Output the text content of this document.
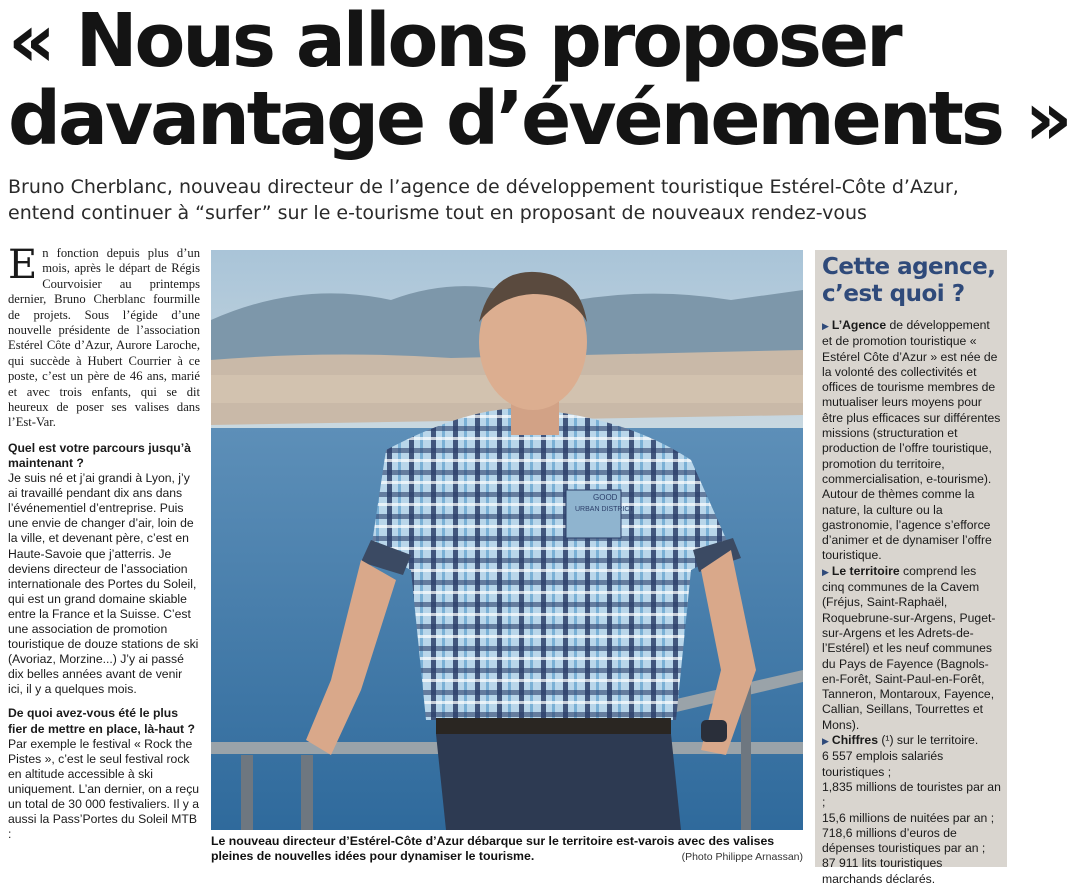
« Nous allons proposer
davantage d’événements »

Bruno Cherblanc, nouveau directeur de l’agence de développement touristique Estérel-Côte d’Azur,
entend continuer à “surfer” sur le e-tourisme tout en proposant de nouveaux rendez-vous

En fonction depuis plus d’un mois, après le départ de Régis Courvoisier au printemps dernier, Bruno Cherblanc fourmille de projets. Sous l’égide d’une nouvelle présidente de l’association Estérel Côte d’Azur, Aurore Laroche, qui succède à Hubert Courrier à ce poste, c’est un père de 46 ans, marié et avec trois enfants, qui se dit heureux de poser ses valises dans l’Est-Var.

Quel est votre parcours jusqu’à maintenant ?
Je suis né et j’ai grandi à Lyon, j’y ai travaillé pendant dix ans dans l’événementiel d’entreprise. Puis une envie de changer d’air, loin de la ville, et devenant père, c’est en Haute-Savoie que j’atterris. Je deviens directeur de l’association internationale des Portes du Soleil, qui est un grand domaine skiable entre la France et la Suisse. C’est une association de promotion touristique de douze stations de ski (Avoriaz, Morzine...) J’y ai passé dix belles années avant de venir ici, il y a quelques mois.

De quoi avez-vous été le plus fier de mettre en place, là-haut ?
Par exemple le festival « Rock the Pistes », c’est le seul festival rock en altitude accessible à ski uniquement. L’an dernier, on a reçu un total de 30 000 festivaliers. Il y a aussi la Pass’Portes du Soleil MTB :

GOOD
URBAN DISTRICT
Le nouveau directeur d’Estérel-Côte d’Azur débarque sur le territoire est-varois avec des valises pleines de nouvelles idées pour dynamiser le tourisme.	(Photo Philippe Arnassan)
Cette agence,
c’est quoi ?

▶ L’Agence de développement et de promotion touristique « Estérel Côte d’Azur » est née de la volonté des collectivités et offices de tourisme membres de mutualiser leurs moyens pour être plus efficaces sur différentes missions (structuration et production de l’offre touristique, promotion du territoire, commercialisation, e-tourisme). Autour de thèmes comme la nature, la culture ou la gastronomie, l’agence s’efforce d’animer et de dynamiser l’offre touristique.

▶ Le territoire comprend les cinq communes de la Cavem (Fréjus, Saint-Raphaël, Roquebrune-sur-Argens, Puget-sur-Argens et les Adrets-de-l’Estérel) et les neuf communes du Pays de Fayence (Bagnols-en-Forêt, Saint-Paul-en-Forêt, Tanneron, Montaroux, Fayence, Callian, Seillans, Tourrettes et Mons).

▶ Chiffres (¹) sur le territoire.

6 557 emplois salariés touristiques ;

1,835 millions de touristes par an ;

15,6 millions de nuitées par an ;

718,6 millions d’euros de dépenses touristiques par an ;

87 911 lits touristiques marchands déclarés.
